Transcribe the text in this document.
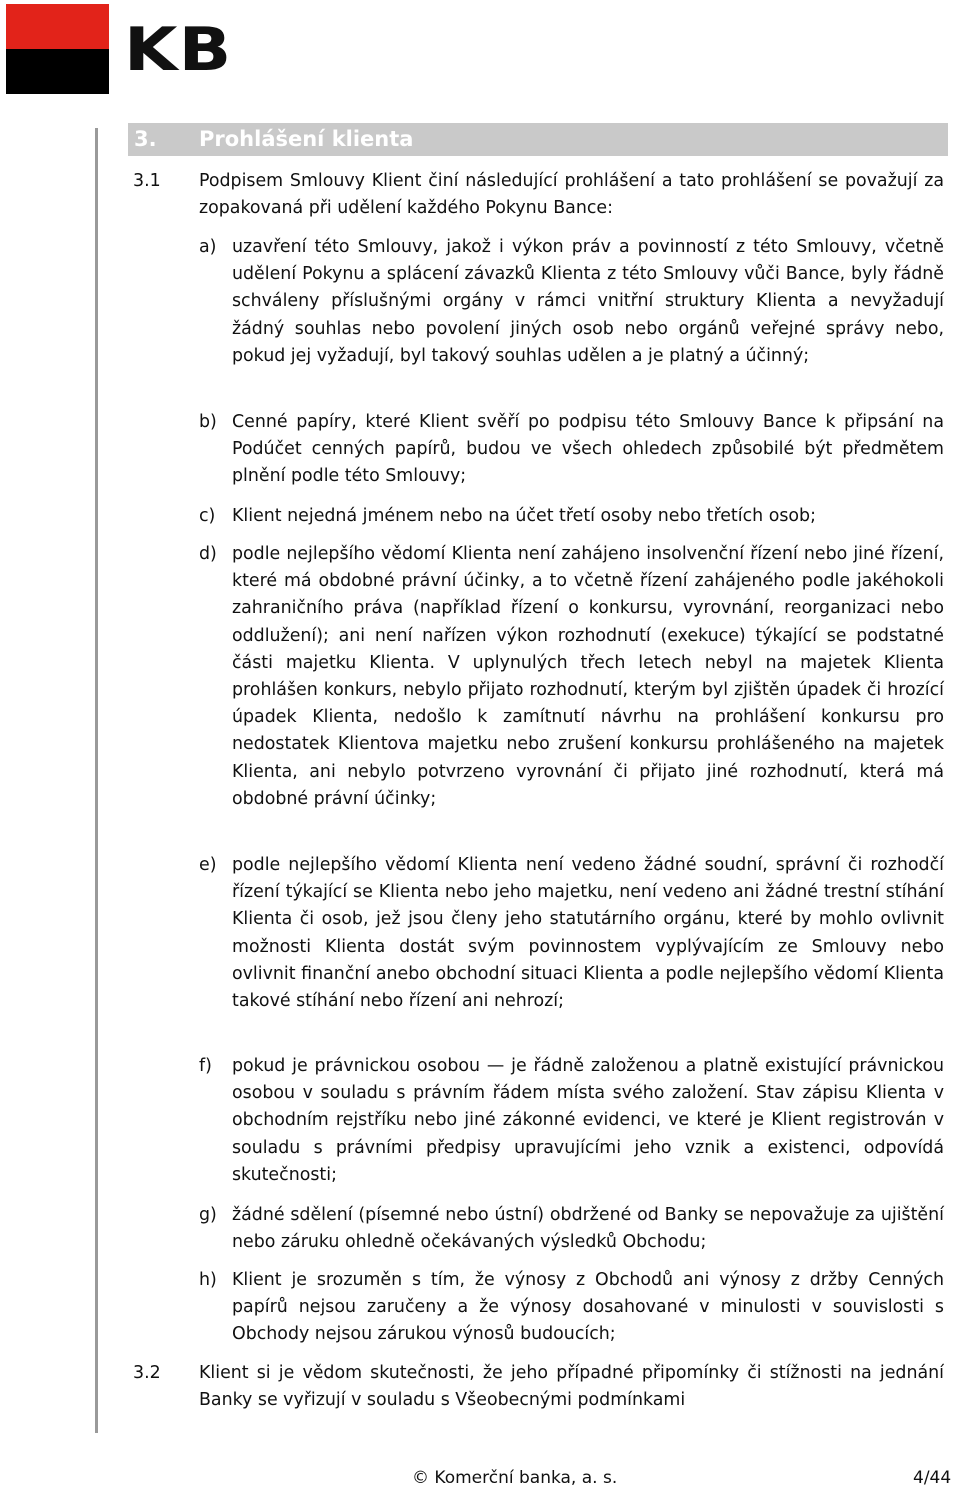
KB
3. Prohlášení klienta
3.1 Podpisem Smlouvy Klient činí následující prohlášení a tato prohlášení se považují za zopakovaná při udělení každého Pokynu Bance:
a) uzavření této Smlouvy, jakož i výkon práv a povinností z této Smlouvy, včetně udělení Pokynu a splácení závazků Klienta z této Smlouvy vůči Bance, byly řádně schváleny příslušnými orgány v rámci vnitřní struktury Klienta a nevyžadují žádný souhlas nebo povolení jiných osob nebo orgánů veřejné správy nebo, pokud jej vyžadují, byl takový souhlas udělen a je platný a účinný;
b) Cenné papíry, které Klient svěří po podpisu této Smlouvy Bance k připsání na Podúčet cenných papírů, budou ve všech ohledech způsobilé být předmětem plnění podle této Smlouvy;
c) Klient nejedná jménem nebo na účet třetí osoby nebo třetích osob;
d) podle nejlepšího vědomí Klienta není zahájeno insolvenční řízení nebo jiné řízení, které má obdobné právní účinky, a to včetně řízení zahájeného podle jakéhokoli zahraničního práva (například řízení o konkursu, vyrovnání, reorganizaci nebo oddlužení); ani není nařízen výkon rozhodnutí (exekuce) týkající se podstatné části majetku Klienta. V uplynulých třech letech nebyl na majetek Klienta prohlášen konkurs, nebylo přijato rozhodnutí, kterým byl zjištěn úpadek či hrozící úpadek Klienta, nedošlo k zamítnutí návrhu na prohlášení konkursu pro nedostatek Klientova majetku nebo zrušení konkursu prohlášeného na majetek Klienta, ani nebylo potvrzeno vyrovnání či přijato jiné rozhodnutí, která má obdobné právní účinky;
e) podle nejlepšího vědomí Klienta není vedeno žádné soudní, správní či rozhodčí řízení týkající se Klienta nebo jeho majetku, není vedeno ani žádné trestní stíhání Klienta či osob, jež jsou členy jeho statutárního orgánu, které by mohlo ovlivnit možnosti Klienta dostát svým povinnostem vyplývajícím ze Smlouvy nebo ovlivnit finanční anebo obchodní situaci Klienta a podle nejlepšího vědomí Klienta takové stíhání nebo řízení ani nehrozí;
f) pokud je právnickou osobou — je řádně založenou a platně existující právnickou osobou v souladu s právním řádem místa svého založení. Stav zápisu Klienta v obchodním rejstříku nebo jiné zákonné evidenci, ve které je Klient registrován v souladu s právními předpisy upravujícími jeho vznik a existenci, odpovídá skutečnosti;
g) žádné sdělení (písemné nebo ústní) obdržené od Banky se nepovažuje za ujištění nebo záruku ohledně očekávaných výsledků Obchodu;
h) Klient je srozuměn s tím, že výnosy z Obchodů ani výnosy z držby Cenných papírů nejsou zaručeny a že výnosy dosahované v minulosti v souvislosti s Obchody nejsou zárukou výnosů budoucích;
3.2 Klient si je vědom skutečnosti, že jeho případné připomínky či stížnosti na jednání Banky se vyřizují v souladu s Všeobecnými podmínkami
© Komerční banka, a. s.	4/44
